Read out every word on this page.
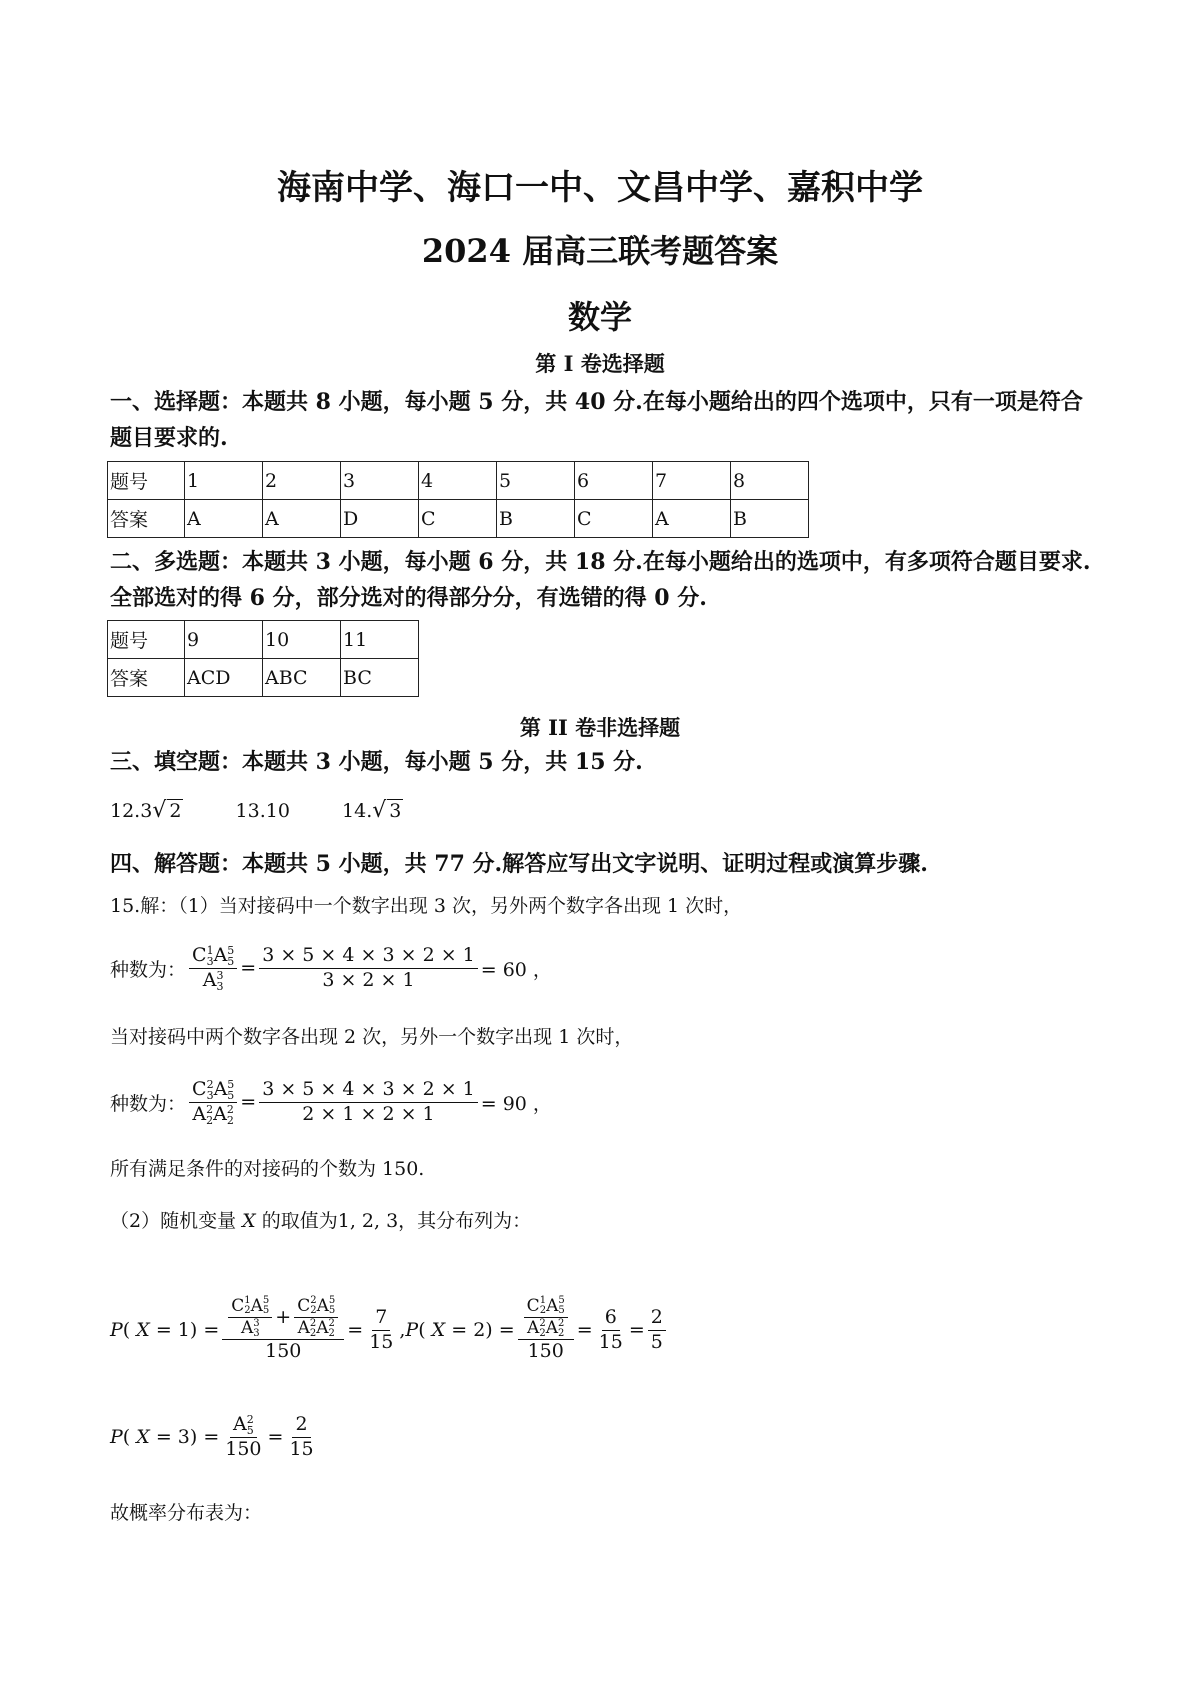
海南中学、海口一中、文昌中学、嘉积中学
2024 届高三联考题答案
数学
第 I 卷选择题
一、选择题：本题共 8 小题，每小题 5 分，共 40 分.在每小题给出的四个选项中，只有一项是符合题目要求的.
题号	1	2	3	4	5	6	7	8
答案	A	A	D	C	B	C	A	B
二、多选题：本题共 3 小题，每小题 6 分，共 18 分.在每小题给出的选项中，有多项符合题目要求.全部选对的得 6 分，部分选对的得部分分，有选错的得 0 分.
题号	9	10	11
答案	ACD	ABC	BC
第 II 卷非选择题
三、填空题：本题共 3 小题，每小题 5 分，共 15 分.
12.3√ 2	13.10	14.√ 3
四、解答题：本题共 5 小题，共 77 分.解答应写出文字说明、证明过程或演算步骤.
15.解：（1）当对接码中一个数字出现 3 次，另外两个数字各出现 1 次时，
种数为： C 1
3 A 5
5
A 3
$3 = \frac{3 \times 5 \times 4 \times 3 \times 2 \times 1}{3 \times 2 \times 1} = 60$ ，
当对接码中两个数字各出现 2 次，另外一个数字出现 1 次时，
种数为： C 2
3 A 5
5
A 2
2 A 2
$2 = \frac{3 \times 5 \times 4 \times 3 \times 2 \times 1}{2 \times 1 \times 2 \times 1} = 90$ ，
所有满足条件的对接码的个数为 150.
（2）随机变量 X 的取值为1, 2, 3，其分布列为：
P ( X = 1) = C 1
2 A 5
5
A 3
3 + C 2
2 A 5
5
A 2
2 A 2
2
150
= $\frac{7}{15}$ , P ( X = 2) = C 1
2 A 5
5
A 2
2 A 2
2
$150 = \frac{6}{15} = \frac{2}{5}$
P ( X = 3) = A 2
5
$150 = \frac{2}{15}$
故概率分布表为：
